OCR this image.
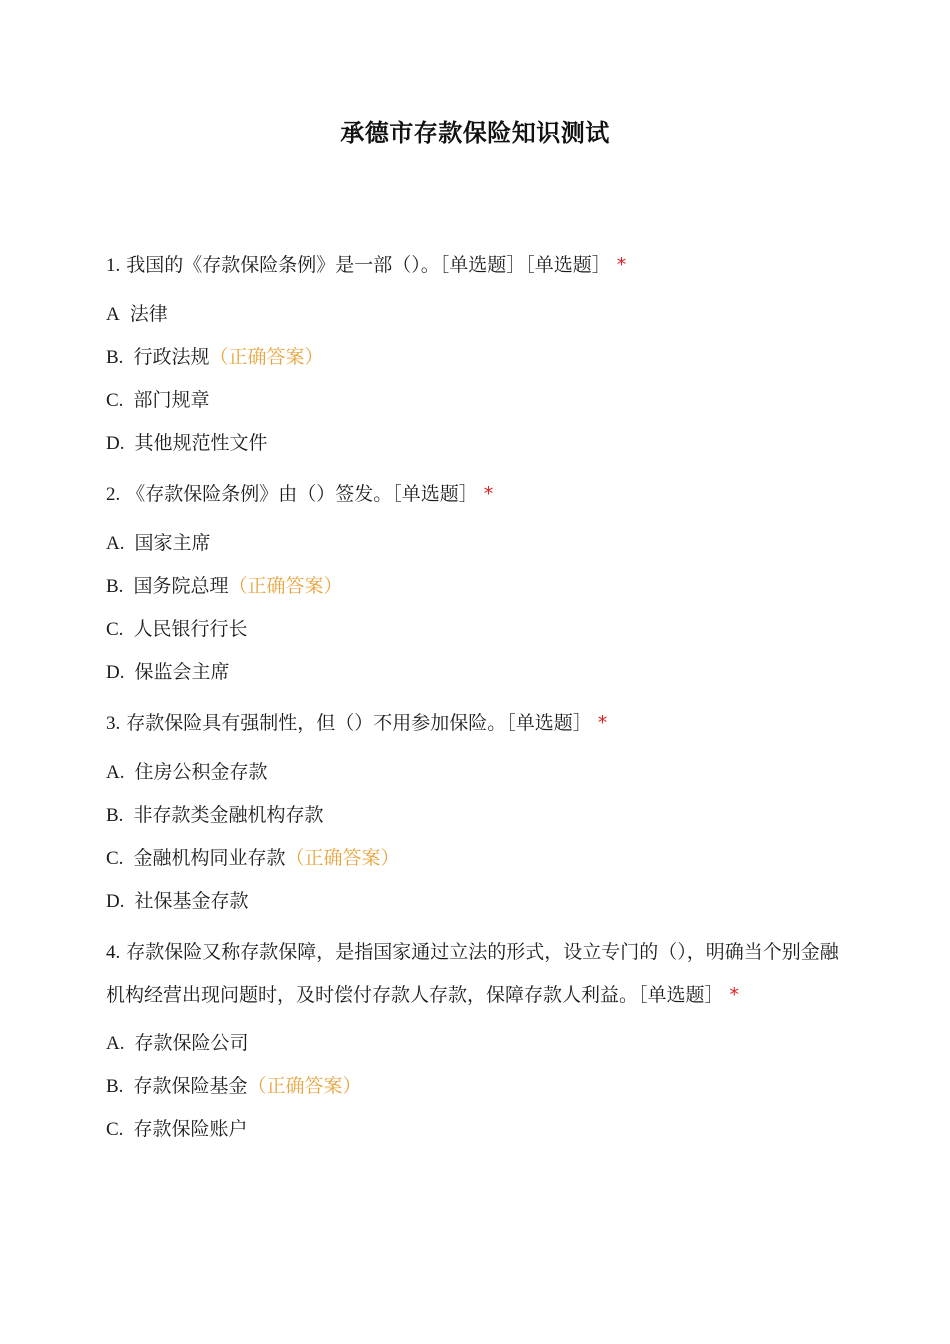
承德市存款保险知识测试

1. 我国的《存款保险条例》是一部（）。［单选题］［单选题］ *

A 法律
B. 行政法规（正确答案）
C. 部门规章
D. 其他规范性文件

2. 《存款保险条例》由（）签发。［单选题］ *

A. 国家主席
B. 国务院总理（正确答案）
C. 人民银行行长
D. 保监会主席

3. 存款保险具有强制性，但（）不用参加保险。［单选题］ *

A. 住房公积金存款
B. 非存款类金融机构存款
C. 金融机构同业存款（正确答案）
D. 社保基金存款

4. 存款保险又称存款保障，是指国家通过立法的形式，设立专门的（），明确当个别金融机构经营出现问题时，及时偿付存款人存款，保障存款人利益。［单选题］ *

A. 存款保险公司
B. 存款保险基金（正确答案）
C. 存款保险账户
